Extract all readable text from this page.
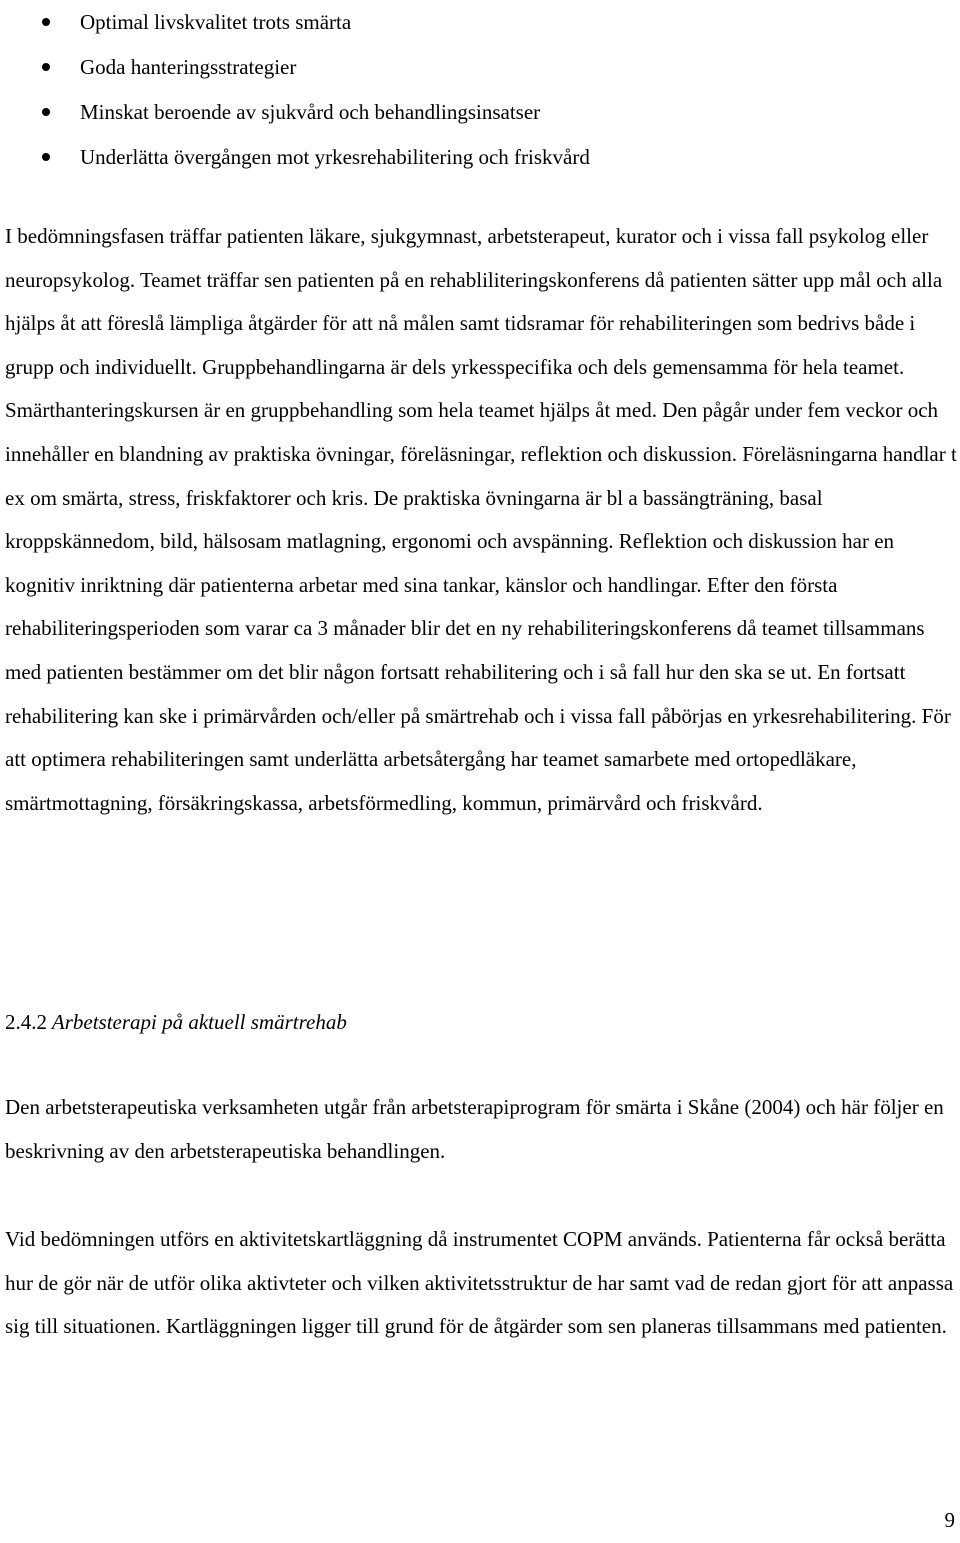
Optimal livskvalitet trots smärta
Goda hanteringsstrategier
Minskat beroende av sjukvård och behandlingsinsatser
Underlätta övergången mot yrkesrehabilitering och friskvård

I bedömningsfasen träffar patienten läkare, sjukgymnast, arbetsterapeut, kurator och i vissa fall psykolog eller neuropsykolog. Teamet träffar sen patienten på en rehabliliteringskonferens då patienten sätter upp mål och alla hjälps åt att föreslå lämpliga åtgärder för att nå målen samt tidsramar för rehabiliteringen som bedrivs både i grupp och individuellt. Gruppbehandlingarna är dels yrkesspecifika och dels gemensamma för hela teamet. Smärthanteringskursen är en gruppbehandling som hela teamet hjälps åt med. Den pågår under fem veckor och innehåller en blandning av praktiska övningar, föreläsningar, reflektion och diskussion. Föreläsningarna handlar t ex om smärta, stress, friskfaktorer och kris. De praktiska övningarna är bl a bassängträning, basal kroppskännedom, bild, hälsosam matlagning, ergonomi och avspänning. Reflektion och diskussion har en kognitiv inriktning där patienterna arbetar med sina tankar, känslor och handlingar. Efter den första rehabiliteringsperioden som varar ca 3 månader blir det en ny rehabiliteringskonferens då teamet tillsammans med patienten bestämmer om det blir någon fortsatt rehabilitering och i så fall hur den ska se ut. En fortsatt rehabilitering kan ske i primärvården och/eller på smärtrehab och i vissa fall påbörjas en yrkesrehabilitering. För att optimera rehabiliteringen samt underlätta arbetsåtergång har teamet samarbete med ortopedläkare, smärtmottagning, försäkringskassa, arbetsförmedling, kommun, primärvård och friskvård.

2.4.2 Arbetsterapi på aktuell smärtrehab

Den arbetsterapeutiska verksamheten utgår från arbetsterapiprogram för smärta i Skåne (2004) och här följer en beskrivning av den arbetsterapeutiska behandlingen.

Vid bedömningen utförs en aktivitetskartläggning då instrumentet COPM används. Patienterna får också berätta hur de gör när de utför olika aktivteter och vilken aktivitetsstruktur de har samt vad de redan gjort för att anpassa sig till situationen. Kartläggningen ligger till grund för de åtgärder som sen planeras tillsammans med patienten.

9
